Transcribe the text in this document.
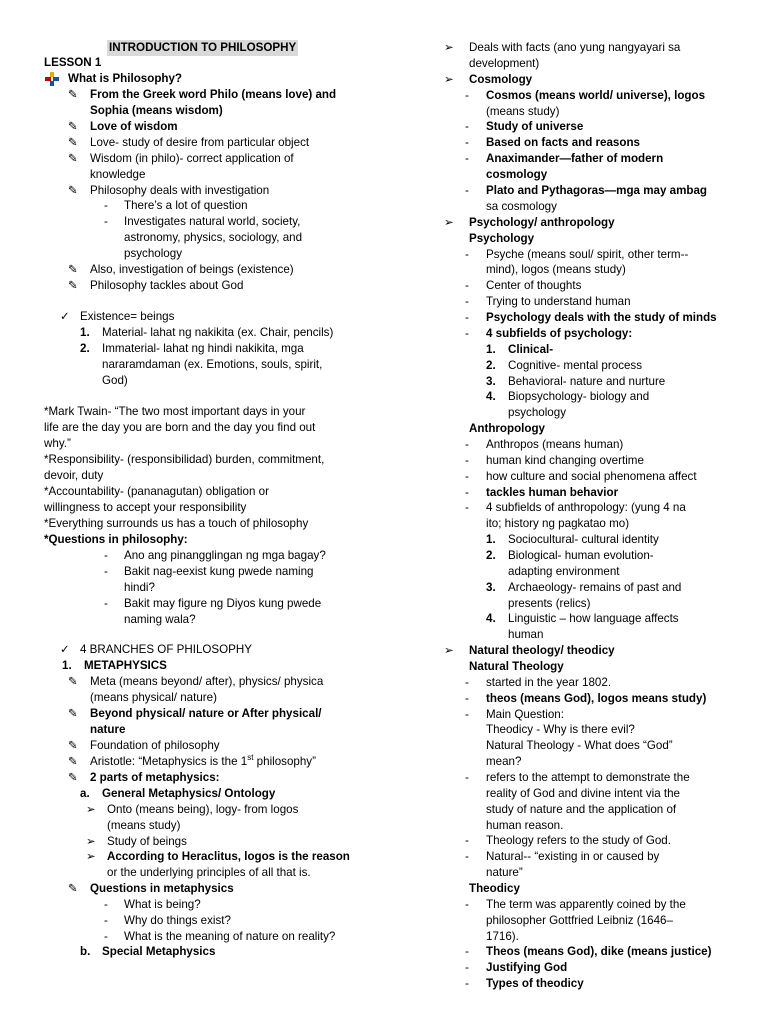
INTRODUCTION TO PHILOSOPHY
LESSON 1
What is Philosophy?
✎ From the Greek word Philo (means love) and
Sophia (means wisdom)
✎ Love of wisdom
✎ Love- study of desire from particular object
✎ Wisdom (in philo)- correct application of
knowledge
✎ Philosophy deals with investigation
- There’s a lot of question
- Investigates natural world, society,
astronomy, physics, sociology, and
psychology
✎ Also, investigation of beings (existence)
✎ Philosophy tackles about God
✓ Existence= beings
1. Material- lahat ng nakikita (ex. Chair, pencils)
2. Immaterial- lahat ng hindi nakikita, mga
nararamdaman (ex. Emotions, souls, spirit,
God)
*Mark Twain- “The two most important days in your
life are the day you are born and the day you find out
why.”
*Responsibility- (responsibilidad) burden, commitment,
devoir, duty
*Accountability- (pananagutan) obligation or
willingness to accept your responsibility
*Everything surrounds us has a touch of philosophy
*Questions in philosophy:
- Ano ang pinangglingan ng mga bagay?
- Bakit nag-eexist kung pwede naming
hindi?
- Bakit may figure ng Diyos kung pwede
naming wala?
✓ 4 BRANCHES OF PHILOSOPHY
1. METAPHYSICS
✎ Meta (means beyond/ after), physics/ physica
(means physical/ nature)
✎ Beyond physical/ nature or After physical/
nature
✎ Foundation of philosophy
✎ Aristotle: “Metaphysics is the 1st philosophy”
✎ 2 parts of metaphysics:
a. General Metaphysics/ Ontology
➢ Onto (means being), logy- from logos
(means study)
➢ Study of beings
➢ According to Heraclitus, logos is the reason
or the underlying principles of all that is.
✎ Questions in metaphysics
- What is being?
- Why do things exist?
- What is the meaning of nature on reality?
b. Special Metaphysics
➢ Deals with facts (ano yung nangyayari sa
development)
➢ Cosmology
- Cosmos (means world/ universe), logos
(means study)
- Study of universe
- Based on facts and reasons
- Anaximander—father of modern
cosmology
- Plato and Pythagoras—mga may ambag
sa cosmology
➢ Psychology/ anthropology
Psychology
- Psyche (means soul/ spirit, other term--
mind), logos (means study)
- Center of thoughts
- Trying to understand human
- Psychology deals with the study of minds
- 4 subfields of psychology:
1. Clinical-
2. Cognitive- mental process
3. Behavioral- nature and nurture
4. Biopsychology- biology and
psychology
Anthropology
- Anthropos (means human)
- human kind changing overtime
- how culture and social phenomena affect
- tackles human behavior
- 4 subfields of anthropology: (yung 4 na
ito; history ng pagkatao mo)
1. Sociocultural- cultural identity
2. Biological- human evolution-
adapting environment
3. Archaeology- remains of past and
presents (relics)
4. Linguistic – how language affects
human
➢ Natural theology/ theodicy
Natural Theology
- started in the year 1802.
- theos (means God), logos means study)
- Main Question:
Theodicy - Why is there evil?
Natural Theology - What does “God”
mean?
- refers to the attempt to demonstrate the
reality of God and divine intent via the
study of nature and the application of
human reason.
- Theology refers to the study of God.
- Natural-- “existing in or caused by
nature”
Theodicy
- The term was apparently coined by the
philosopher Gottfried Leibniz (1646–
1716).
- Theos (means God), dike (means justice)
- Justifying God
- Types of theodicy
